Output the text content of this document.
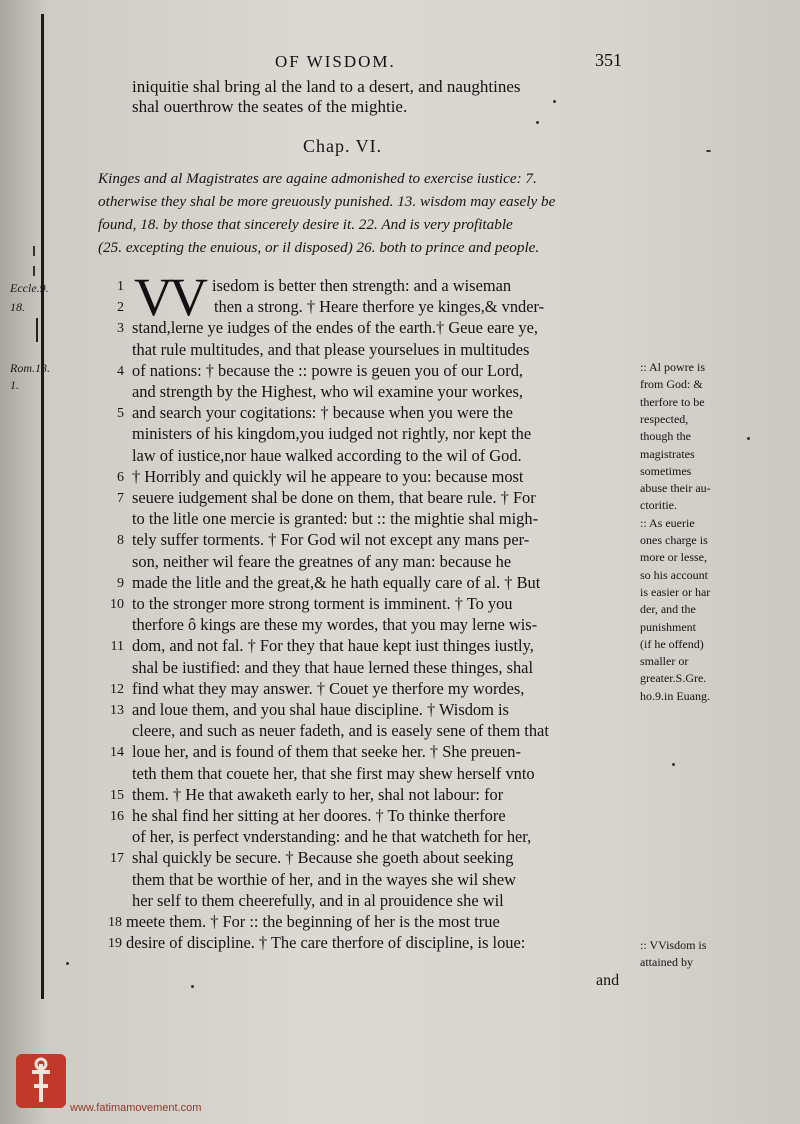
OF WISDOM.	351
iniquitie shal bring al the land to a desert, and naughtines
shal ouerthrow the seates of the mightie.
Chap. VI.
Kinges and al Magistrates are againe admonished to exercise iustice: 7.
otherwise they shal be more greuously punished. 13. wisdom may easely be
found, 18. by those that sincerely desire it. 22. And is very profitable
(25. excepting the enuious, or il disposed) 26. both to prince and people.
VV isedom is better then strength: and a wiseman
1
then a strong. † Heare therfore ye kinges,& vnder-
2
stand,lerne ye iudges of the endes of the earth.† Geue eare ye,
3
that rule multitudes, and that please yourselues in multitudes
of nations: † because the :: powre is geuen you of our Lord,
4
and strength by the Highest, who wil examine your workes,
and search your cogitations: † because when you were the
5
ministers of his kingdom,you iudged not rightly, nor kept the
law of iustice,nor haue walked according to the wil of God.
† Horribly and quickly wil he appeare to you: because most
6
seuere iudgement shal be done on them, that beare rule. † For
7
to the litle one mercie is granted: but :: the mightie shal migh-
tely suffer torments. † For God wil not except any mans per-
8
son, neither wil feare the greatnes of any man: because he
made the litle and the great,& he hath equally care of al. † But
9
to the stronger more strong torment is imminent. † To you
10
therfore ô kings are these my wordes, that you may lerne wis-
dom, and not fal. † For they that haue kept iust thinges iustly,
11
shal be iustified: and they that haue lerned these thinges, shal
find what they may answer. † Couet ye therfore my wordes,
12
and loue them, and you shal haue discipline. † Wisdom is
13
cleere, and such as neuer fadeth, and is easely sene of them that
loue her, and is found of them that seeke her. † She preuen-
14
teth them that couete her, that she first may shew herself vnto
them. † He that awaketh early to her, shal not labour: for
15
he shal find her sitting at her doores. † To thinke therfore
16
of her, is perfect vnderstanding: and he that watcheth for her,
shal quickly be secure. † Because she goeth about seeking
17
them that be worthie of her, and in the wayes she wil shew
her self to them cheerefully, and in al prouidence she wil
meete them. † For :: the beginning of her is the most true
18
desire of discipline. † The care therfore of discipline, is loue:
19
Eccle.9.
18.
Rom.13.
1.
:: Al powre is
from God: &
therfore to be
respected,
though the
magistrates
sometimes
abuse their au-
ctoritie.
:: As euerie
ones charge is
more or lesse,
so his account
is easier or har
der, and the
punishment
(if he offend)
smaller or
greater.S.Gre.
ho.9.in Euang.
:: VVisdom is
attained by
and
www.fatimamovement.com
